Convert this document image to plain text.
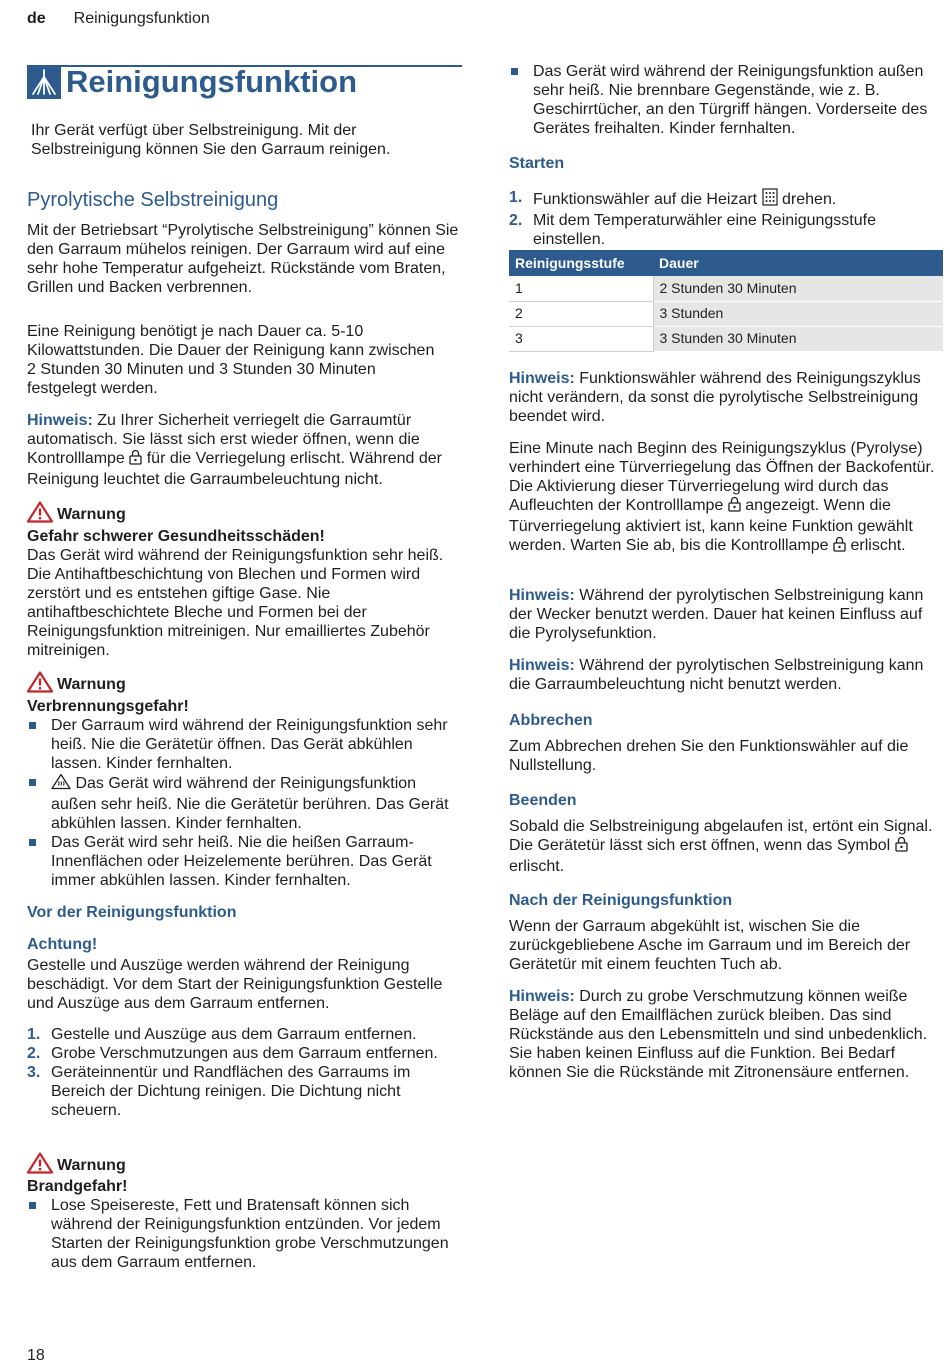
de Reinigungsfunktion
Reinigungsfunktion
Ihr Gerät verfügt über Selbstreinigung. Mit der Selbstreinigung können Sie den Garraum reinigen.
Pyrolytische Selbstreinigung
Mit der Betriebsart “Pyrolytische Selbstreinigung” können Sie den Garraum mühelos reinigen. Der Garraum wird auf eine sehr hohe Temperatur aufgeheizt. Rückstände vom Braten, Grillen und Backen verbrennen.
Eine Reinigung benötigt je nach Dauer ca. 5-10 Kilowattstunden. Die Dauer der Reinigung kann zwischen 2 Stunden 30 Minuten und 3 Stunden 30 Minuten festgelegt werden.
Hinweis: Zu Ihrer Sicherheit verriegelt die Garraumtür automatisch. Sie lässt sich erst wieder öffnen, wenn die Kontrolllampe für die Verriegelung erlischt. Während der Reinigung leuchtet die Garraumbeleuchtung nicht.
Warnung
Gefahr schwerer Gesundheitsschäden!
Das Gerät wird während der Reinigungsfunktion sehr heiß. Die Antihaftbeschichtung von Blechen und Formen wird zerstört und es entstehen giftige Gase. Nie antihaftbeschichtete Bleche und Formen bei der Reinigungsfunktion mitreinigen. Nur emailliertes Zubehör mitreinigen.
Warnung
Verbrennungsgefahr!
Der Garraum wird während der Reinigungsfunktion sehr heiß. Nie die Gerätetür öffnen. Das Gerät abkühlen lassen. Kinder fernhalten.
Das Gerät wird während der Reinigungsfunktion außen sehr heiß. Nie die Gerätetür berühren. Das Gerät abkühlen lassen. Kinder fernhalten.
Das Gerät wird sehr heiß. Nie die heißen Garraum-Innenflächen oder Heizelemente berühren. Das Gerät immer abkühlen lassen. Kinder fernhalten.
Vor der Reinigungsfunktion
Achtung!
Gestelle und Auszüge werden während der Reinigung beschädigt. Vor dem Start der Reinigungsfunktion Gestelle und Auszüge aus dem Garraum entfernen.
1. Gestelle und Auszüge aus dem Garraum entfernen.
2. Grobe Verschmutzungen aus dem Garraum entfernen.
3. Geräteinnentür und Randflächen des Garraums im Bereich der Dichtung reinigen. Die Dichtung nicht scheuern.
Warnung
Brandgefahr!
Lose Speisereste, Fett und Bratensaft können sich während der Reinigungsfunktion entzünden. Vor jedem Starten der Reinigungsfunktion grobe Verschmutzungen aus dem Garraum entfernen.
Das Gerät wird während der Reinigungsfunktion außen sehr heiß. Nie brennbare Gegenstände, wie z. B. Geschirrtücher, an den Türgriff hängen. Vorderseite des Gerätes freihalten. Kinder fernhalten.
Starten
1. Funktionswähler auf die Heizart drehen.
2. Mit dem Temperaturwähler eine Reinigungsstufe einstellen.
Reinigungsstufe	Dauer
1	2 Stunden 30 Minuten
2	3 Stunden
3	3 Stunden 30 Minuten
Hinweis: Funktionswähler während des Reinigungszyklus nicht verändern, da sonst die pyrolytische Selbstreinigung beendet wird.
Eine Minute nach Beginn des Reinigungszyklus (Pyrolyse) verhindert eine Türverriegelung das Öffnen der Backofentür. Die Aktivierung dieser Türverriegelung wird durch das Aufleuchten der Kontrolllampe angezeigt. Wenn die Türverriegelung aktiviert ist, kann keine Funktion gewählt werden. Warten Sie ab, bis die Kontrolllampe erlischt.
Hinweis: Während der pyrolytischen Selbstreinigung kann der Wecker benutzt werden. Dauer hat keinen Einfluss auf die Pyrolysefunktion.
Hinweis: Während der pyrolytischen Selbstreinigung kann die Garraumbeleuchtung nicht benutzt werden.
Abbrechen
Zum Abbrechen drehen Sie den Funktionswähler auf die Nullstellung.
Beenden
Sobald die Selbstreinigung abgelaufen ist, ertönt ein Signal. Die Gerätetür lässt sich erst öffnen, wenn das Symbol  erlischt.
Nach der Reinigungsfunktion
Wenn der Garraum abgekühlt ist, wischen Sie die zurückgebliebene Asche im Garraum und im Bereich der Gerätetür mit einem feuchten Tuch ab.
Hinweis: Durch zu grobe Verschmutzung können weiße Beläge auf den Emailflächen zurück bleiben. Das sind Rückstände aus den Lebensmitteln und sind unbedenklich. Sie haben keinen Einfluss auf die Funktion. Bei Bedarf können Sie die Rückstände mit Zitronensäure entfernen.
18
